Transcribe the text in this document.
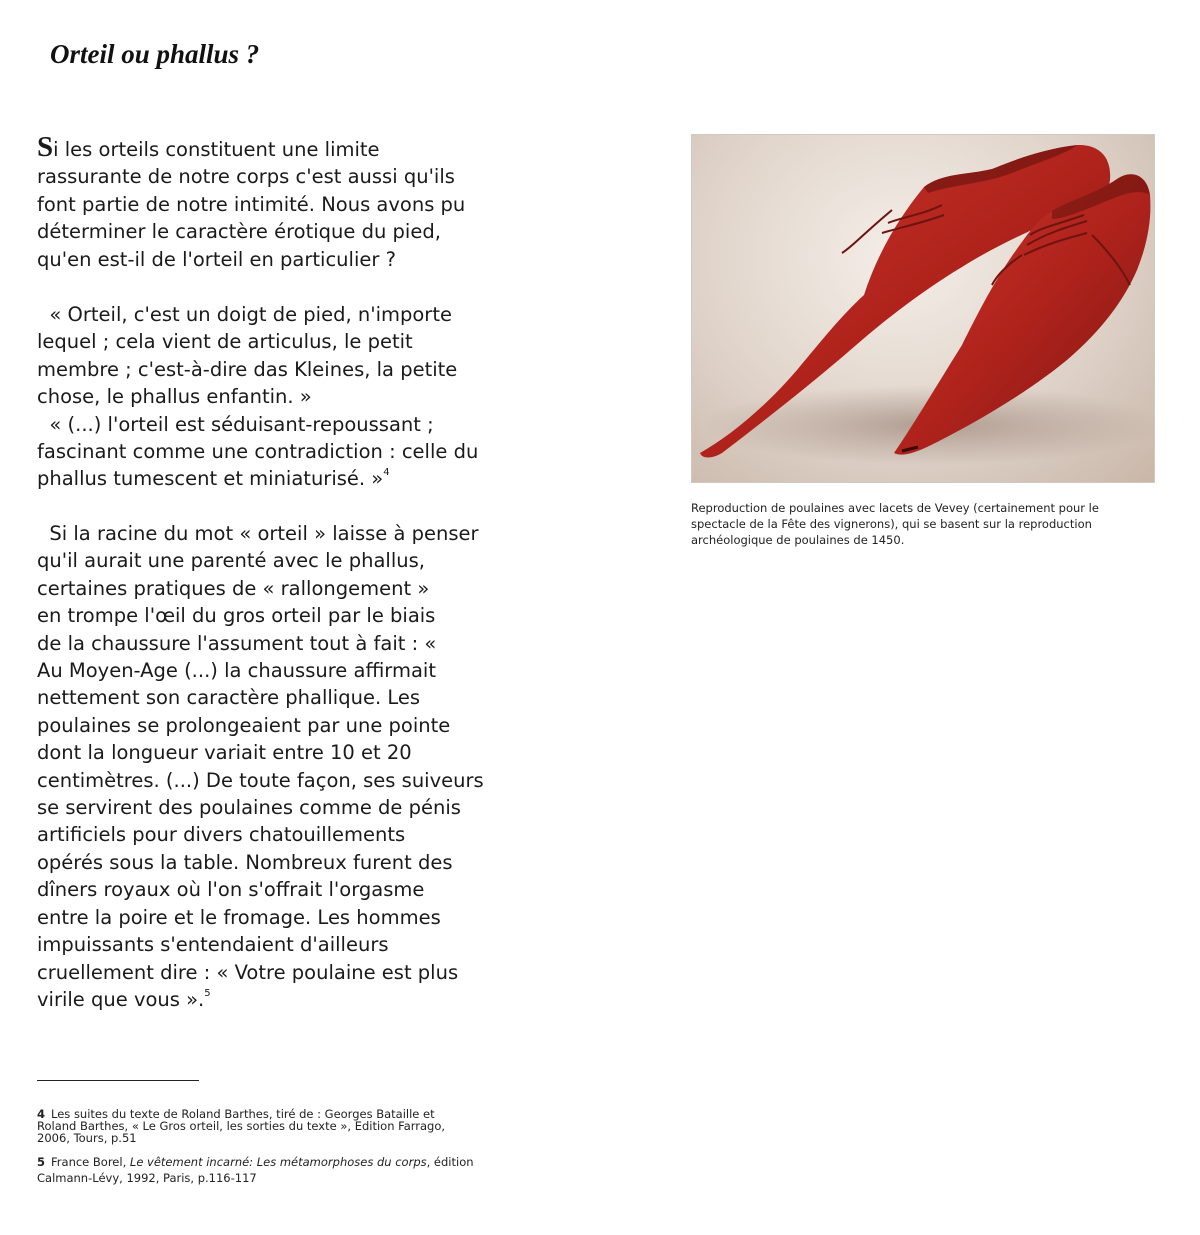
Orteil ou phallus ?

Si les orteils constituent une limite
rassurante de notre corps c'est aussi qu'ils
font partie de notre intimité. Nous avons pu
déterminer le caractère érotique du pied,
qu'en est-il de l'orteil en particulier ?

« Orteil, c'est un doigt de pied, n'importe
lequel ; cela vient de articulus, le petit
membre ; c'est-à-dire das Kleines, la petite
chose, le phallus enfantin. »
« (...) l'orteil est séduisant-repoussant ;
fascinant comme une contradiction : celle du
phallus tumescent et miniaturisé. »$^4$

Si la racine du mot « orteil » laisse à penser
qu'il aurait une parenté avec le phallus,
certaines pratiques de « rallongement »
en trompe l'œil du gros orteil par le biais
de la chaussure l'assument tout à fait : «
Au Moyen-Age (...) la chaussure affirmait
nettement son caractère phallique. Les
poulaines se prolongeaient par une pointe
dont la longueur variait entre 10 et 20
centimètres. (...) De toute façon, ses suiveurs
se servirent des poulaines comme de pénis
artificiels pour divers chatouillements
opérés sous la table. Nombreux furent des
dîners royaux où l'on s'offrait l'orgasme
entre la poire et le fromage. Les hommes
impuissants s'entendaient d'ailleurs
cruellement dire : « Votre poulaine est plus
virile que vous ».$^5$

Reproduction de poulaines avec lacets de Vevey (certainement pour le
spectacle de la Fête des vignerons), qui se basent sur la reproduction
archéologique de poulaines de 1450.

4 Les suites du texte de Roland Barthes, tiré de : Georges Bataille et
Roland Barthes, « Le Gros orteil, les sorties du texte », Edition Farrago,
2006, Tours, p.51

5 France Borel, Le vêtement incarné: Les métamorphoses du corps, édition
Calmann-Lévy, 1992, Paris, p.116-117
